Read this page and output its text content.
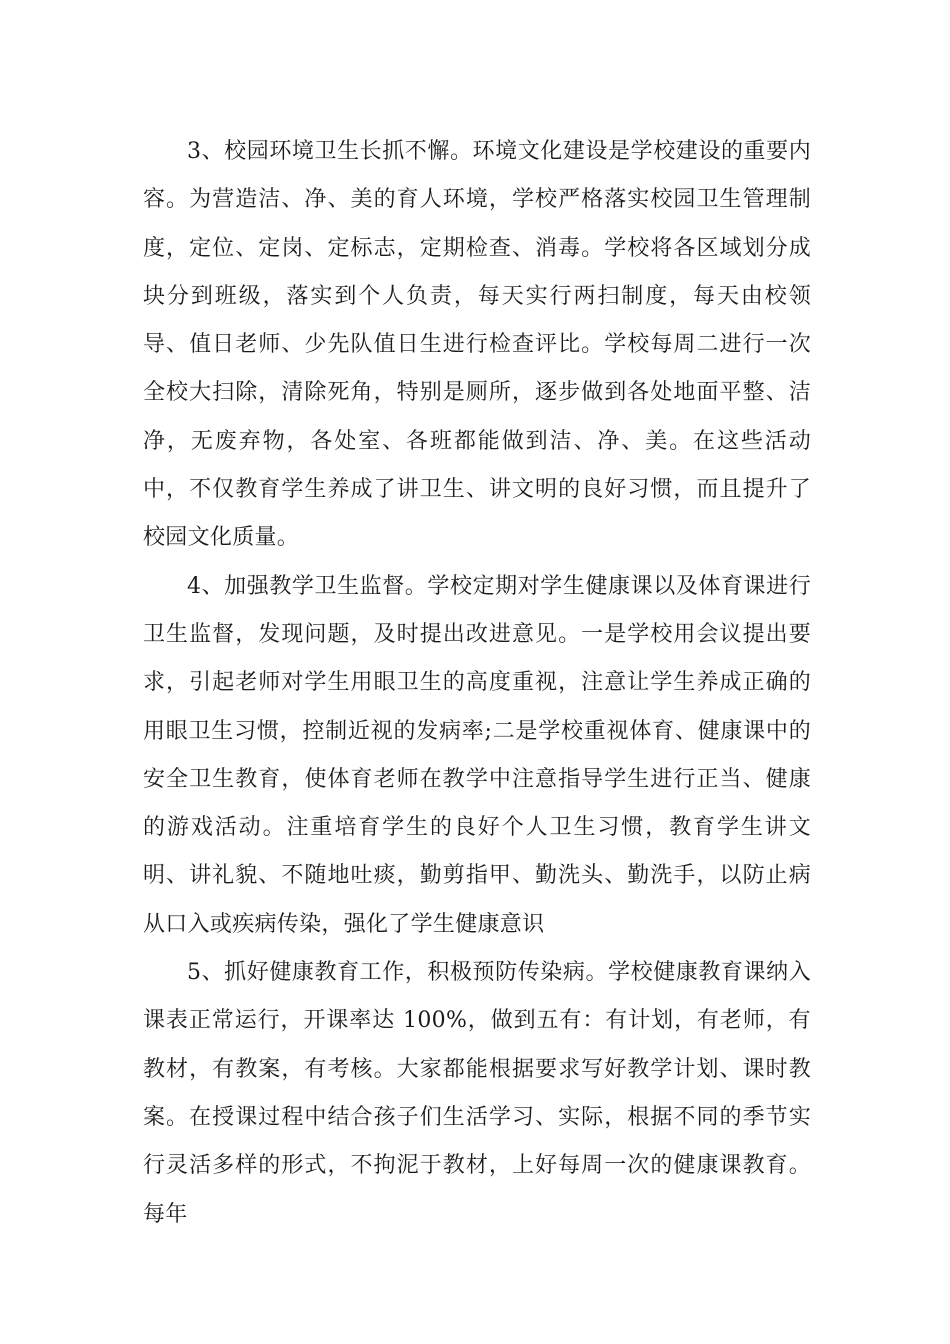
3、校园环境卫生长抓不懈。环境文化建设是学校建设的重要内容。为营造洁、净、美的育人环境，学校严格落实校园卫生管理制度，定位、定岗、定标志，定期检查、消毒。学校将各区域划分成块分到班级，落实到个人负责，每天实行两扫制度，每天由校领导、值日老师、少先队值日生进行检查评比。学校每周二进行一次全校大扫除，清除死角，特别是厕所，逐步做到各处地面平整、洁净，无废弃物，各处室、各班都能做到洁、净、美。在这些活动中，不仅教育学生养成了讲卫生、讲文明的良好习惯，而且提升了校园文化质量。

4、加强教学卫生监督。学校定期对学生健康课以及体育课进行卫生监督，发现问题，及时提出改进意见。一是学校用会议提出要求，引起老师对学生用眼卫生的高度重视，注意让学生养成正确的用眼卫生习惯，控制近视的发病率;二是学校重视体育、健康课中的安全卫生教育，使体育老师在教学中注意指导学生进行正当、健康的游戏活动。注重培育学生的良好个人卫生习惯，教育学生讲文明、讲礼貌、不随地吐痰，勤剪指甲、勤洗头、勤洗手，以防止病从口入或疾病传染，强化了学生健康意识

5、抓好健康教育工作，积极预防传染病。学校健康教育课纳入课表正常运行，开课率达 100%，做到五有：有计划，有老师，有教材，有教案，有考核。大家都能根据要求写好教学计划、课时教案。在授课过程中结合孩子们生活学习、实际，根据不同的季节实行灵活多样的形式，不拘泥于教材，上好每周一次的健康课教育。每年
